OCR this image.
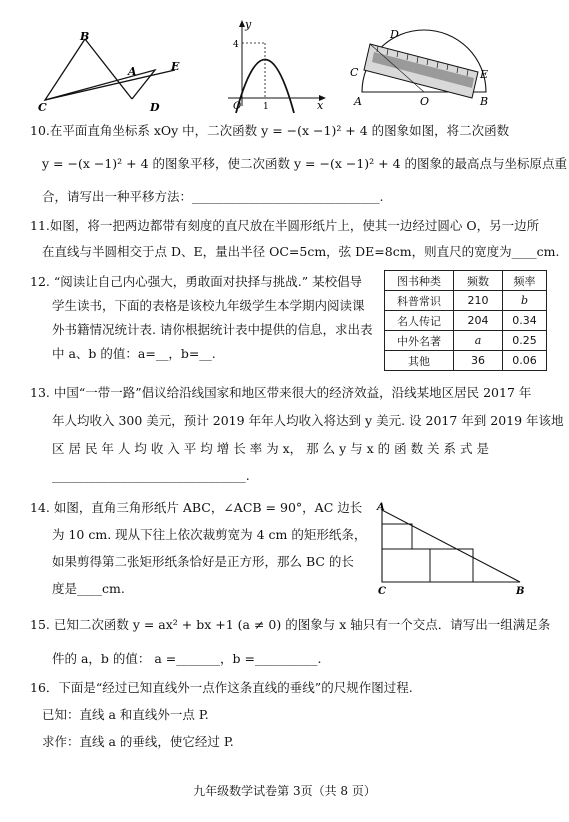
B
A	E
C	D
y
4
O 1	x
D
C	E
A	O	B
10.在平面直角坐标系 xOy 中，二次函数 y = −(x −1)² + 4 的图象如图，将二次函数
y = −(x −1)² + 4 的图象平移，使二次函数 y = −(x −1)² + 4 的图象的最高点与坐标原点重
合，请写出一种平移方法：______________________________.
11.如图，将一把两边都带有刻度的直尺放在半圆形纸片上，使其一边经过圆心 O，另一边所
在直线与半圆相交于点 D、E，量出半径 OC=5cm，弦 DE=8cm，则直尺的宽度为____cm.
12. “阅读让自己内心强大，勇敢面对抉择与挑战.” 某校倡导
学生读书，下面的表格是该校九年级学生本学期内阅读课
外书籍情况统计表. 请你根据统计表中提供的信息，求出表
中 a、b 的值：a=__，b=__.
图书种类	频数	频率
科普常识	210	b
名人传记	204	0.34
中外名著	a	0.25
其他	36	0.06
13. 中国“一带一路”倡议给沿线国家和地区带来很大的经济效益，沿线某地区居民 2017 年
年人均收入 300 美元，预计 2019 年年人均收入将达到 y 美元. 设 2017 年到 2019 年该地
区 居 民 年 人 均 收 入 平 均 增 长 率 为 x， 那 么 y 与 x 的 函 数 关 系 式 是
_______________________________.
14. 如图，直角三角形纸片 ABC，∠ACB = 90°，AC 边长
为 10 cm. 现从下往上依次裁剪宽为 4 cm 的矩形纸条，
如果剪得第二张矩形纸条恰好是正方形，那么 BC 的长
度是____cm.
A
C	B
15. 已知二次函数 y = ax² + bx +1 (a ≠ 0) 的图象与 x 轴只有一个交点．请写出一组满足条
件的 a，b 的值： a =_______，b =__________.
16．下面是“经过已知直线外一点作这条直线的垂线”的尺规作图过程.
已知：直线 a 和直线外一点 P.
求作：直线 a 的垂线，使它经过 P.
九年级数学试卷第 3页（共 8 页）
